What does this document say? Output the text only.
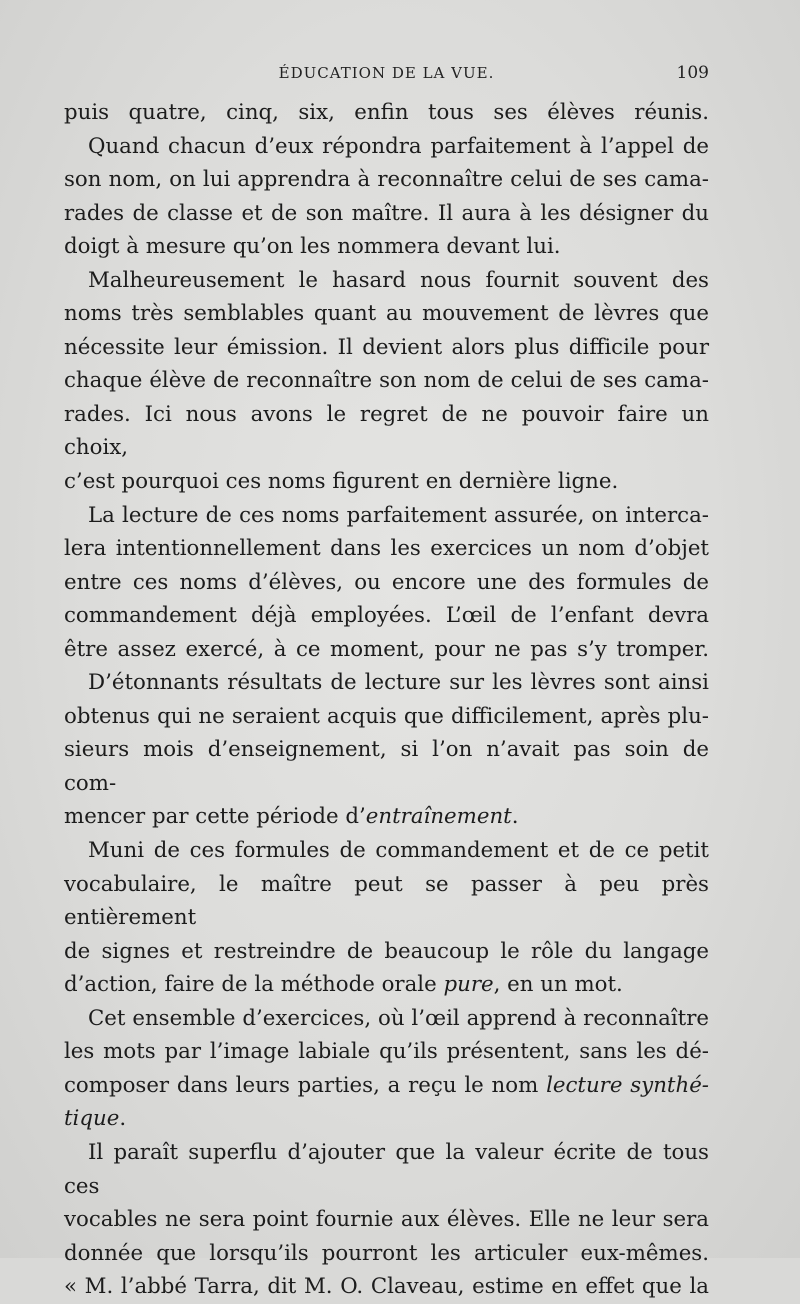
ÉDUCATION DE LA VUE.	109

puis quatre, cinq, six, enfin tous ses élèves réunis.

Quand chacun d’eux répondra parfaitement à l’appel de

son nom, on lui apprendra à reconnaître celui de ses cama-

rades de classe et de son maître. Il aura à les désigner du

doigt à mesure qu’on les nommera devant lui.

Malheureusement le hasard nous fournit souvent des

noms très semblables quant au mouvement de lèvres que

nécessite leur émission. Il devient alors plus difficile pour

chaque élève de reconnaître son nom de celui de ses cama-

rades. Ici nous avons le regret de ne pouvoir faire un choix,

c’est pourquoi ces noms figurent en dernière ligne.

La lecture de ces noms parfaitement assurée, on interca-

lera intentionnellement dans les exercices un nom d’objet

entre ces noms d’élèves, ou encore une des formules de

commandement déjà employées. L’œil de l’enfant devra

être assez exercé, à ce moment, pour ne pas s’y tromper.

D’étonnants résultats de lecture sur les lèvres sont ainsi

obtenus qui ne seraient acquis que difficilement, après plu-

sieurs mois d’enseignement, si l’on n’avait pas soin de com-

mencer par cette période d’entraînement.

Muni de ces formules de commandement et de ce petit

vocabulaire, le maître peut se passer à peu près entièrement

de signes et restreindre de beaucoup le rôle du langage

d’action, faire de la méthode orale pure, en un mot.

Cet ensemble d’exercices, où l’œil apprend à reconnaître

les mots par l’image labiale qu’ils présentent, sans les dé-

composer dans leurs parties, a reçu le nom lecture synthé-

tique.

Il paraît superflu d’ajouter que la valeur écrite de tous ces

vocables ne sera point fournie aux élèves. Elle ne leur sera

donnée que lorsqu’ils pourront les articuler eux-mêmes.

« M. l’abbé Tarra, dit M. O. Claveau, estime en effet que la
